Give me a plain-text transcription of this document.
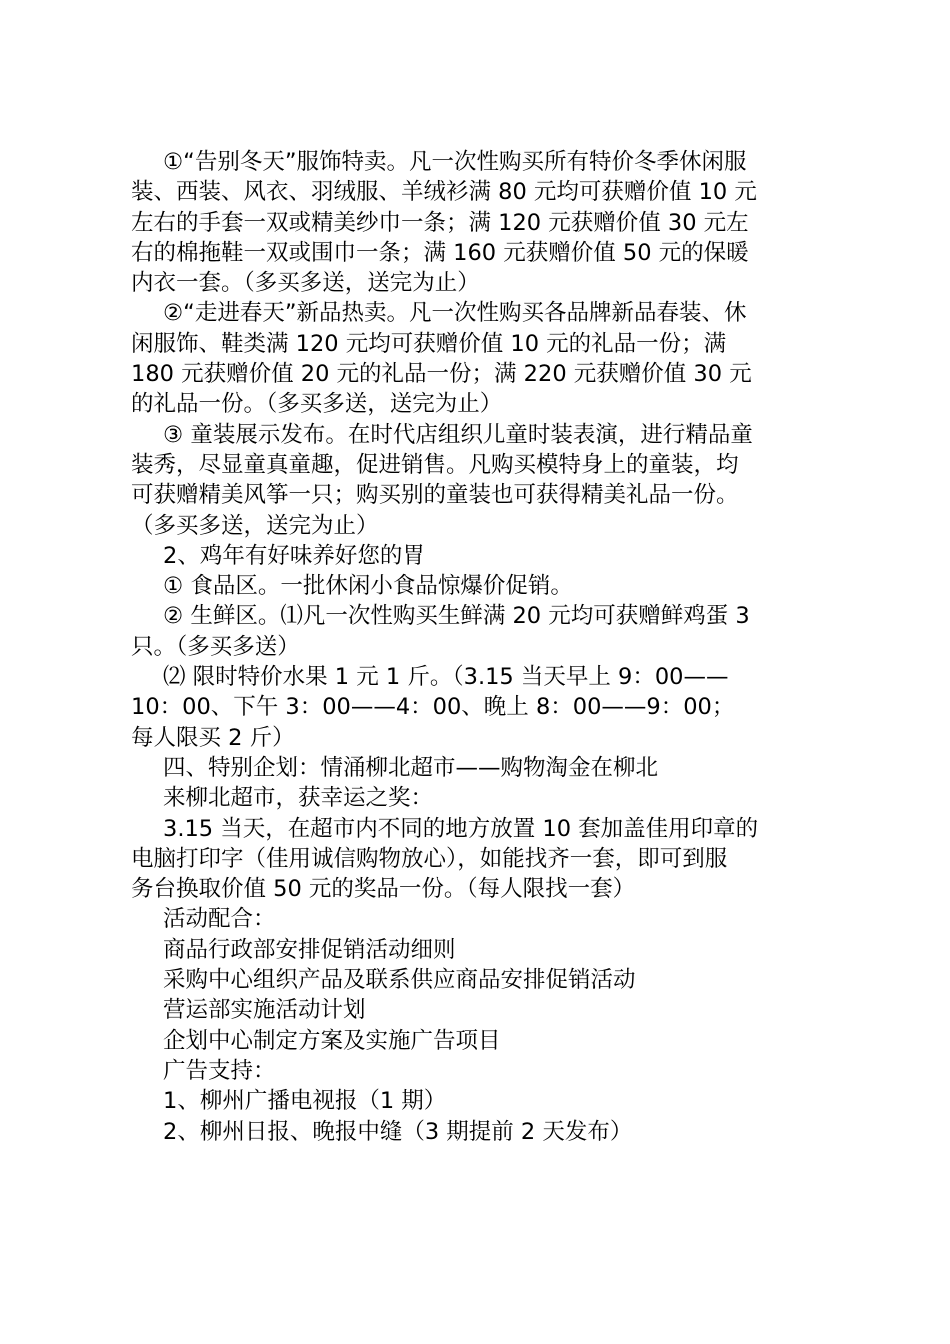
①“告别冬天”服饰特卖。凡一次性购买所有特价冬季休闲服
装、西装、风衣、羽绒服、羊绒衫满 80 元均可获赠价值 10 元
左右的手套一双或精美纱巾一条；满 120 元获赠价值 30 元左
右的棉拖鞋一双或围巾一条；满 160 元获赠价值 50 元的保暖
内衣一套。（多买多送，送完为止）
②“走进春天”新品热卖。凡一次性购买各品牌新品春装、休
闲服饰、鞋类满 120 元均可获赠价值 10 元的礼品一份；满
180 元获赠价值 20 元的礼品一份；满 220 元获赠价值 30 元
的礼品一份。（多买多送，送完为止）
③ 童装展示发布。在时代店组织儿童时装表演，进行精品童
装秀，尽显童真童趣，促进销售。凡购买模特身上的童装，均
可获赠精美风筝一只；购买别的童装也可获得精美礼品一份。
（多买多送，送完为止）
2、鸡年有好味养好您的胃
① 食品区。一批休闲小食品惊爆价促销。
② 生鲜区。⑴凡一次性购买生鲜满 20 元均可获赠鲜鸡蛋 3
只。（多买多送）
⑵ 限时特价水果 1 元 1 斤。（3.15 当天早上 9：00——
10：00、下午 3：00——4：00、晚上 8：00——9：00；
每人限买 2 斤）
四、特别企划：情涌柳北超市——购物淘金在柳北
来柳北超市，获幸运之奖：
3.15 当天，在超市内不同的地方放置 10 套加盖佳用印章的
电脑打印字（佳用诚信购物放心），如能找齐一套，即可到服
务台换取价值 50 元的奖品一份。（每人限找一套）
活动配合：
商品行政部安排促销活动细则
采购中心组织产品及联系供应商品安排促销活动
营运部实施活动计划
企划中心制定方案及实施广告项目
广告支持：
1、柳州广播电视报（1 期）
2、柳州日报、晚报中缝（3 期提前 2 天发布）
